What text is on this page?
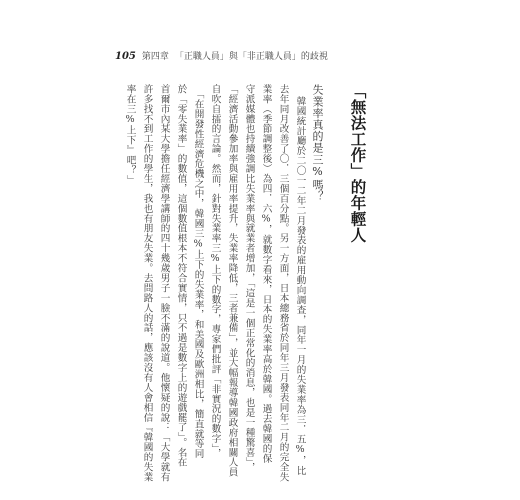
105 第四章 「正職人員」與「非正職人員」的歧視
「無法工作」的年輕人
失業率真的是三%嗎？
韓國統計廳於二〇一二年二月發表的雇用動向調查，同年一月的失業率為三．五%，比
去年同月改善了〇．三個百分點。另一方面，日本總務省於同年三月發表同年二月的完全失
業率（季節調整後）為四．六%，就數字看來，日本的失業率高於韓國。過去韓國的保
守派媒體也持續強調比失業率與就業者增加，「這是一個正常化的消息，也是一種驚喜」，
「經濟活動參加率與雇用率提升，失業率降低，三者兼備」，並大幅報導韓國政府相關人員
自吹自擂的言論。然而，針對失業率三%上下的數字，專家們批評「非實況的數字」，
　「在開發性經濟危機之中，韓國三%上下的失業率，和美國及歐洲相比，簡直就等同
於「零失業率」的數值，這個數值根本不符合實情，只不過是數字上的遊戲罷了」。名在
首爾市內某大學擔任經濟學講師的四十幾歲男子一臉不滿的說道。他懷疑的說：「大學就有
許多找不到工作的學生，我也有朋友失業。去問路人的話，應該沒有人會相信『韓國的失業
率在三%上下』吧？」
